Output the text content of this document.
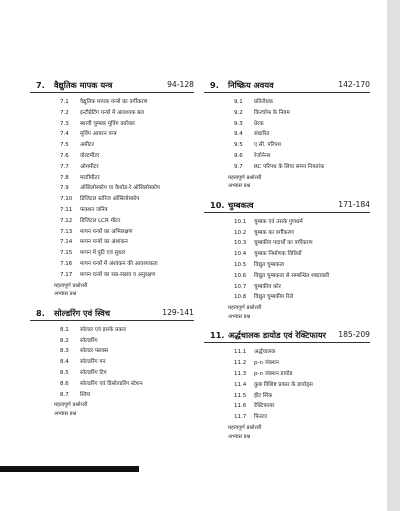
7. वैद्युतिक मापक यन्त्र	94-128
7.1	वैद्युतिक मापक यन्त्रों का वर्गीकरण
7.2	इन्टीग्रेटिंग यन्त्रों में आवश्यक बल
7.3	स्थायी चुम्बक मूविंग क्वॉयल
7.4	मूविंग आयरन यन्त्र
7.5	अमीटर
7.6	वोल्टमीटर
7.7	ओममीटर
7.8	मल्टीमीटर
7.9	ऑसिलोस्कोप या कैथोड-रे ऑसिलोस्कोप
7.10	डिजिटल स्टोरेज ऑसिलोस्कोप
7.11	फंक्शन जनित्र
7.12	डिजिटल LCR मीटर
7.13	मापन यन्त्रों का अभिलक्षण
7.14	मापन यन्त्रों का अंशांकन
7.15	मापन में त्रुटि एवं सुधार
7.16	मापन यन्त्रों में अंशांकन की आवश्यकता
7.17	मापन यन्त्रों का रख-रखाव व अनुरक्षण
महत्वपूर्ण प्रश्नोत्तरी
अभ्यास प्रश्न
8. सोल्डरिंग एवं स्विच	129-141
8.1	सोल्डर एवं इसके प्रकार
8.2	सोल्डरिंग
8.3	सोल्डर फ्लक्स
8.4	सोल्डरिंग गन
8.5	सोल्डरिंग टिप
8.6	सोल्डरिंग एवं डिसोल्डरिंग स्टेशन
8.7	स्विच
महत्वपूर्ण प्रश्नोत्तरी
अभ्यास प्रश्न
9. निष्क्रिय अवयव	142-170
9.1	प्रतिरोधक
9.2	किरचॉफ के नियम
9.3	प्रेरक
9.4	संधारित
9.5	ए.सी. परिपथ
9.6	रेजोनेन्स
9.7	RC परिपथ के लिया समय नियतांक
महत्वपूर्ण प्रश्नोत्तरी
अभ्यास प्रश्न
10. चुम्बकत्व	171-184
10.1	चुम्बक एवं उसके गुणधर्म
10.2	चुम्बक का वर्गीकरण
10.3	चुम्बकीय पदार्थों का वर्गीकरण
10.4	चुम्बक निर्माणक विधियाँ
10.5	विद्युत चुम्बकत्व
10.6	विद्युत चुम्बकत्व से सम्बन्धित शब्दावली
10.7	चुम्बकीय कोर
10.8	विद्युत चुम्बकीय रिले
महत्वपूर्ण प्रश्नोत्तरी
अभ्यास प्रश्न
11. अर्द्धचालक डायोड एवं रेक्टिफायर 185-209
11.1	अर्द्धचालक
11.2	p-n जंक्शन
11.3	p-n जंक्शन डायोड
11.4	कुछ विशिष्ट प्रकार के डायोड्स
11.5	हीट सिंक
11.6	रेक्टिफायर
11.7	फिल्टर
महत्वपूर्ण प्रश्नोत्तरी
अभ्यास प्रश्न
